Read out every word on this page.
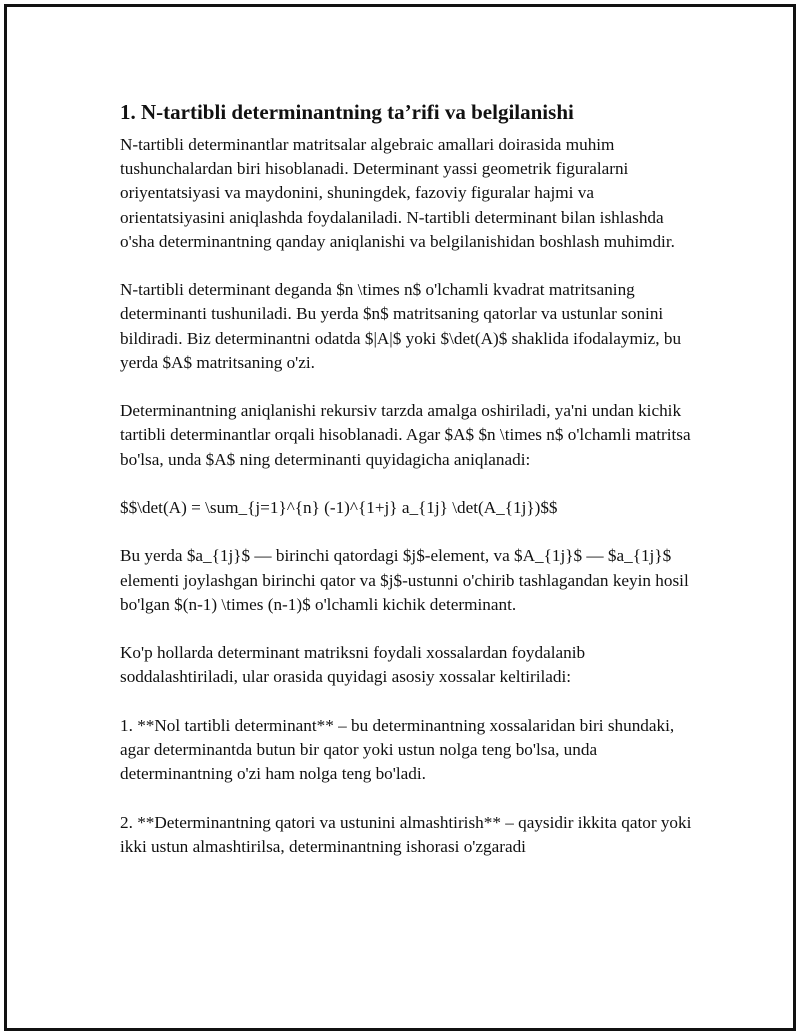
1. N-tartibli determinantning ta’rifi va belgilanishi

N-tartibli determinantlar matritsalar algebraic amallari doirasida muhim tushunchalardan biri hisoblanadi. Determinant yassi geometrik figuralarni oriyentatsiyasi va maydonini, shuningdek, fazoviy figuralar hajmi va orientatsiyasini aniqlashda foydalaniladi. N-tartibli determinant bilan ishlashda o'sha determinantning qanday aniqlanishi va belgilanishidan boshlash muhimdir.

N-tartibli determinant deganda $n \times n$ o'lchamli kvadrat matritsaning determinanti tushuniladi. Bu yerda $n$ matritsaning qatorlar va ustunlar sonini bildiradi. Biz determinantni odatda $|A|$ yoki $\det(A)$ shaklida ifodalaymiz, bu yerda $A$ matritsaning o'zi.

Determinantning aniqlanishi rekursiv tarzda amalga oshiriladi, ya'ni undan kichik tartibli determinantlar orqali hisoblanadi. Agar $A$ $n \times n$ o'lchamli matritsa bo'lsa, unda $A$ ning determinanti quyidagicha aniqlanadi:

$$\det(A) = \sum_{j=1}^{n} (-1)^{1+j} a_{1j} \det(A_{1j})$$

Bu yerda $a_{1j}$ — birinchi qatordagi $j$-element, va $A_{1j}$ — $a_{1j}$ elementi joylashgan birinchi qator va $j$-ustunni o'chirib tashlagandan keyin hosil bo'lgan $(n-1) \times (n-1)$ o'lchamli kichik determinant.

Ko'p hollarda determinant matriksni foydali xossalardan foydalanib soddalashtiriladi, ular orasida quyidagi asosiy xossalar keltiriladi:

1. **Nol tartibli determinant** – bu determinantning xossalaridan biri shundaki, agar determinantda butun bir qator yoki ustun nolga teng bo'lsa, unda determinantning o'zi ham nolga teng bo'ladi.

2. **Determinantning qatori va ustunini almashtirish** – qaysidir ikkita qator yoki ikki ustun almashtirilsa, determinantning ishorasi o'zgaradi
